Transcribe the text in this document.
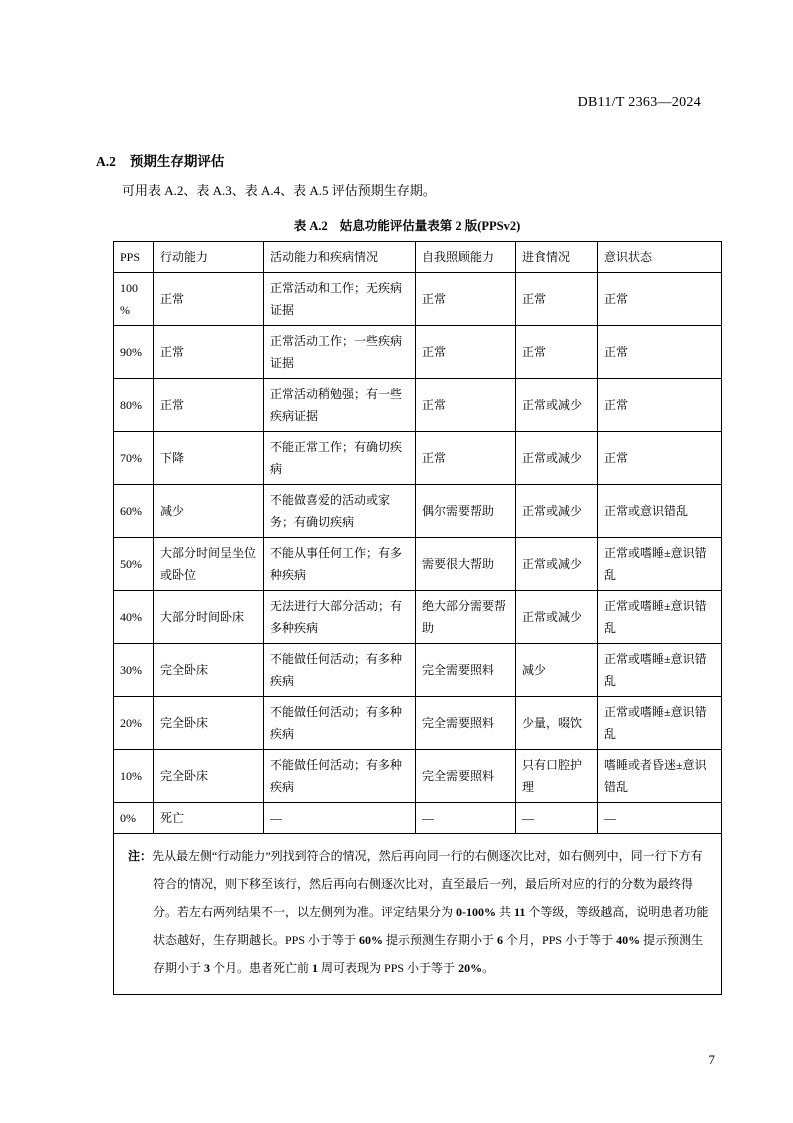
DB11/T 2363—2024
A.2 预期生存期评估

可用表 A.2、表 A.3、表 A.4、表 A.5 评估预期生存期。

表 A.2 姑息功能评估量表第 2 版(PPSv2)
PPS	行动能力	活动能力和疾病情况	自我照顾能力	进食情况	意识状态
100%	正常	正常活动和工作；无疾病证据	正常	正常	正常
90%	正常	正常活动工作；一些疾病证据	正常	正常	正常
80%	正常	正常活动稍勉强；有一些疾病证据	正常	正常或减少	正常
70%	下降	不能正常工作；有确切疾病	正常	正常或减少	正常
60%	减少	不能做喜爱的活动或家务；有确切疾病	偶尔需要帮助	正常或减少	正常或意识错乱
50%	大部分时间呈坐位或卧位	不能从事任何工作；有多种疾病	需要很大帮助	正常或减少	正常或嗜睡±意识错乱
40%	大部分时间卧床	无法进行大部分活动；有多种疾病	绝大部分需要帮助	正常或减少	正常或嗜睡±意识错乱
30%	完全卧床	不能做任何活动；有多种疾病	完全需要照料	减少	正常或嗜睡±意识错乱
20%	完全卧床	不能做任何活动；有多种疾病	完全需要照料	少量，啜饮	正常或嗜睡±意识错乱
10%	完全卧床	不能做任何活动；有多种疾病	完全需要照料	只有口腔护理	嗜睡或者昏迷±意识错乱
0%	死亡	—	—	—	—
注：先从最左侧“行动能力”列找到符合的情况，然后再向同一行的右侧逐次比对，如右侧列中，同一行下方有符合的情况，则下移至该行，然后再向右侧逐次比对，直至最后一列，最后所对应的行的分数为最终得分。若左右两列结果不一，以左侧列为准。评定结果分为 0-100% 共 11 个等级，等级越高，说明患者功能状态越好，生存期越长。PPS 小于等于 60% 提示预测生存期小于 6 个月，PPS 小于等于 40% 提示预测生存期小于 3 个月。患者死亡前 1 周可表现为 PPS 小于等于 20%。					
7
